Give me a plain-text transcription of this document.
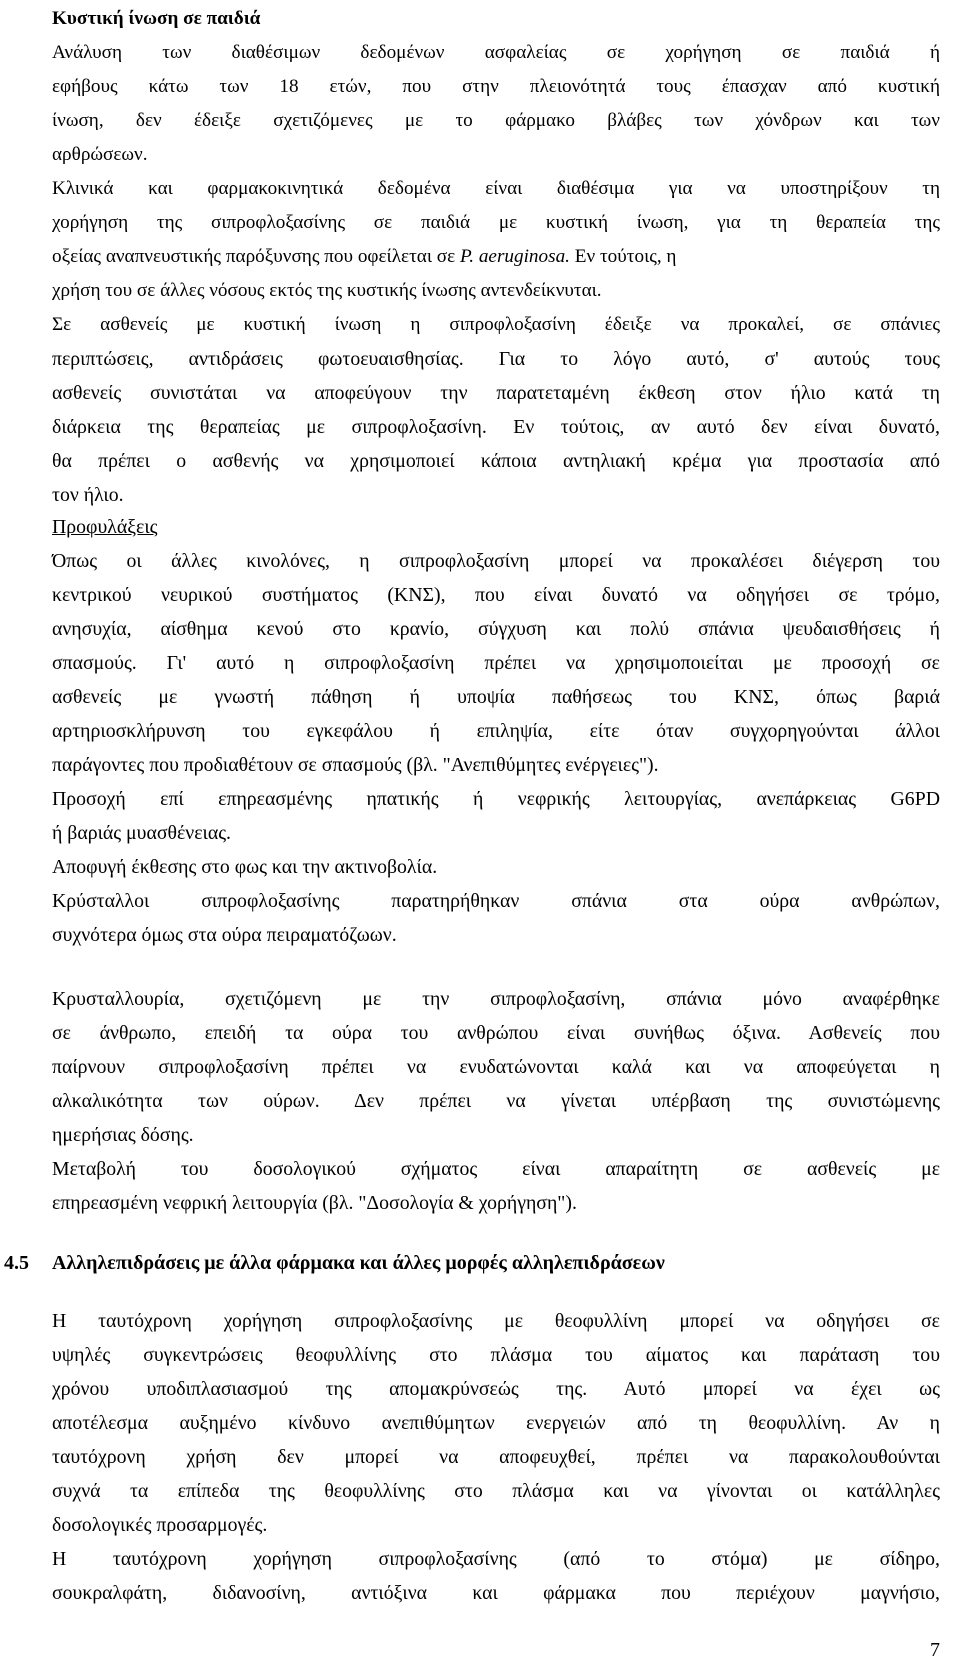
Κυστική ίνωση σε παιδιά
Ανάλυση των διαθέσιμων δεδομένων ασφαλείας σε χορήγηση σε παιδιά ή
εφήβους κάτω των 18 ετών, που στην πλειονότητά τους έπασχαν από κυστική
ίνωση, δεν έδειξε σχετιζόμενες με το φάρμακο βλάβες των χόνδρων και των
αρθρώσεων.
Κλινικά και φαρμακοκινητικά δεδομένα είναι διαθέσιμα για να υποστηρίξουν τη
χορήγηση της σιπροφλοξασίνης σε παιδιά με κυστική ίνωση, για τη θεραπεία της
οξείας αναπνευστικής παρόξυνσης που οφείλεται σε P. aeruginosa. Εν τούτοις, η
χρήση του σε άλλες νόσους εκτός της κυστικής ίνωσης αντενδείκνυται.
Σε ασθενείς με κυστική ίνωση η σιπροφλοξασίνη έδειξε να προκαλεί, σε σπάνιες
περιπτώσεις, αντιδράσεις φωτοευαισθησίας. Για το λόγο αυτό, σ' αυτούς τους
ασθενείς συνιστάται να αποφεύγουν την παρατεταμένη έκθεση στον ήλιο κατά τη
διάρκεια της θεραπείας με σιπροφλοξασίνη. Εν τούτοις, αν αυτό δεν είναι δυνατό,
θα πρέπει ο ασθενής να χρησιμοποιεί κάποια αντηλιακή κρέμα για προστασία από
τον ήλιο.
Προφυλάξεις
Όπως οι άλλες κινολόνες, η σιπροφλοξασίνη μπορεί να προκαλέσει διέγερση του
κεντρικού νευρικού συστήματος (ΚΝΣ), που είναι δυνατό να οδηγήσει σε τρόμο,
ανησυχία, αίσθημα κενού στο κρανίο, σύγχυση και πολύ σπάνια ψευδαισθήσεις ή
σπασμούς. Γι' αυτό η σιπροφλοξασίνη πρέπει να χρησιμοποιείται με προσοχή σε
ασθενείς με γνωστή πάθηση ή υποψία παθήσεως του ΚΝΣ, όπως βαριά
αρτηριοσκλήρυνση του εγκεφάλου ή επιληψία, είτε όταν συγχορηγούνται άλλοι
παράγοντες που προδιαθέτουν σε σπασμούς (βλ. "Ανεπιθύμητες ενέργειες").
Προσοχή επί επηρεασμένης ηπατικής ή νεφρικής λειτουργίας, ανεπάρκειας G6PD
ή βαριάς μυασθένειας.
Αποφυγή έκθεσης στο φως και την ακτινοβολία.
Κρύσταλλοι σιπροφλοξασίνης παρατηρήθηκαν σπάνια στα ούρα ανθρώπων,
συχνότερα όμως στα ούρα πειραματόζωων.
Κρυσταλλουρία, σχετιζόμενη με την σιπροφλοξασίνη, σπάνια μόνο αναφέρθηκε
σε άνθρωπο, επειδή τα ούρα του ανθρώπου είναι συνήθως όξινα. Ασθενείς που
παίρνουν σιπροφλοξασίνη πρέπει να ενυδατώνονται καλά και να αποφεύγεται η
αλκαλικότητα των ούρων. Δεν πρέπει να γίνεται υπέρβαση της συνιστώμενης
ημερήσιας δόσης.
Μεταβολή του δοσολογικού σχήματος είναι απαραίτητη σε ασθενείς με
επηρεασμένη νεφρική λειτουργία (βλ. "Δοσολογία & χορήγηση").
4.5 Αλληλεπιδράσεις με άλλα φάρμακα και άλλες μορφές αλληλεπιδράσεων
Η ταυτόχρονη χορήγηση σιπροφλοξασίνης με θεοφυλλίνη μπορεί να οδηγήσει σε
υψηλές συγκεντρώσεις θεοφυλλίνης στο πλάσμα του αίματος και παράταση του
χρόνου υποδιπλασιασμού της απομακρύνσεώς της. Αυτό μπορεί να έχει ως
αποτέλεσμα αυξημένο κίνδυνο ανεπιθύμητων ενεργειών από τη θεοφυλλίνη. Αν η
ταυτόχρονη χρήση δεν μπορεί να αποφευχθεί, πρέπει να παρακολουθούνται
συχνά τα επίπεδα της θεοφυλλίνης στο πλάσμα και να γίνονται οι κατάλληλες
δοσολογικές προσαρμογές.
Η ταυτόχρονη χορήγηση σιπροφλοξασίνης (από το στόμα) με σίδηρο,
σουκραλφάτη, διδανοσίνη, αντιόξινα και φάρμακα που περιέχουν μαγνήσιο,
7
